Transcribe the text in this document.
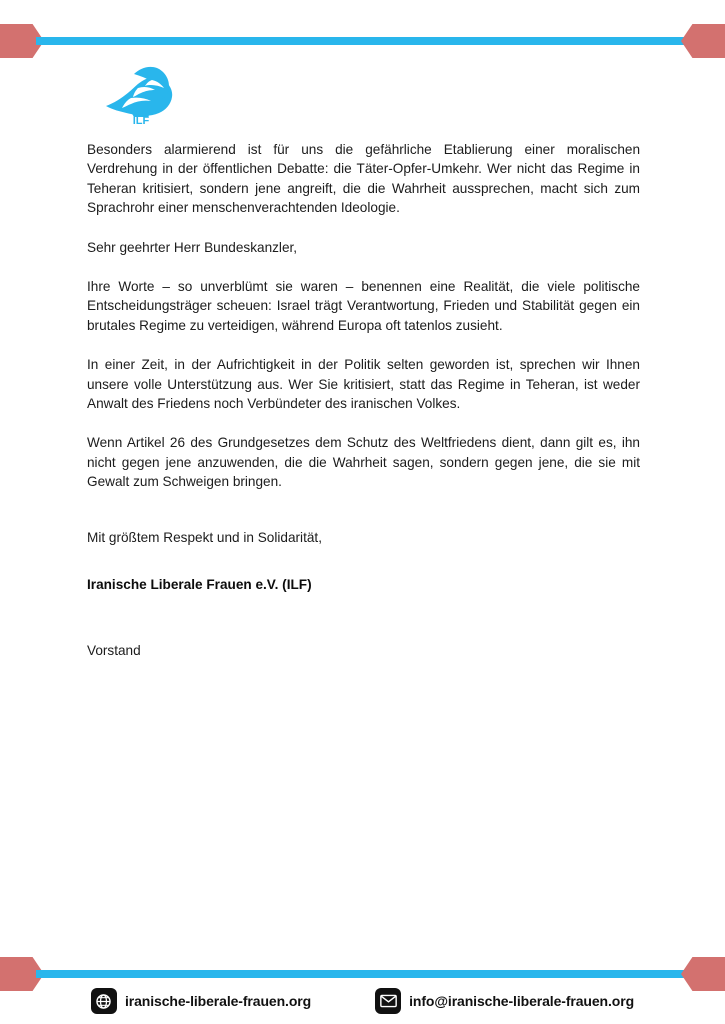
ILF

Besonders alarmierend ist für uns die gefährliche Etablierung einer moralischen Verdrehung in der öffentlichen Debatte: die Täter-Opfer-Umkehr. Wer nicht das Regime in Teheran kritisiert, sondern jene angreift, die die Wahrheit aussprechen, macht sich zum Sprachrohr einer menschenverachtenden Ideologie.

Sehr geehrter Herr Bundeskanzler,

Ihre Worte – so unverblümt sie waren – benennen eine Realität, die viele politische Entscheidungsträger scheuen: Israel trägt Verantwortung, Frieden und Stabilität gegen ein brutales Regime zu verteidigen, während Europa oft tatenlos zusieht.

In einer Zeit, in der Aufrichtigkeit in der Politik selten geworden ist, sprechen wir Ihnen unsere volle Unterstützung aus. Wer Sie kritisiert, statt das Regime in Teheran, ist weder Anwalt des Friedens noch Verbündeter des iranischen Volkes.

Wenn Artikel 26 des Grundgesetzes dem Schutz des Weltfriedens dient, dann gilt es, ihn nicht gegen jene anzuwenden, die die Wahrheit sagen, sondern gegen jene, die sie mit Gewalt zum Schweigen bringen.

Mit größtem Respekt und in Solidarität,

Iranische Liberale Frauen e.V. (ILF)

Vorstand

iranische-liberale-frauen.org	info@iranische-liberale-frauen.org
